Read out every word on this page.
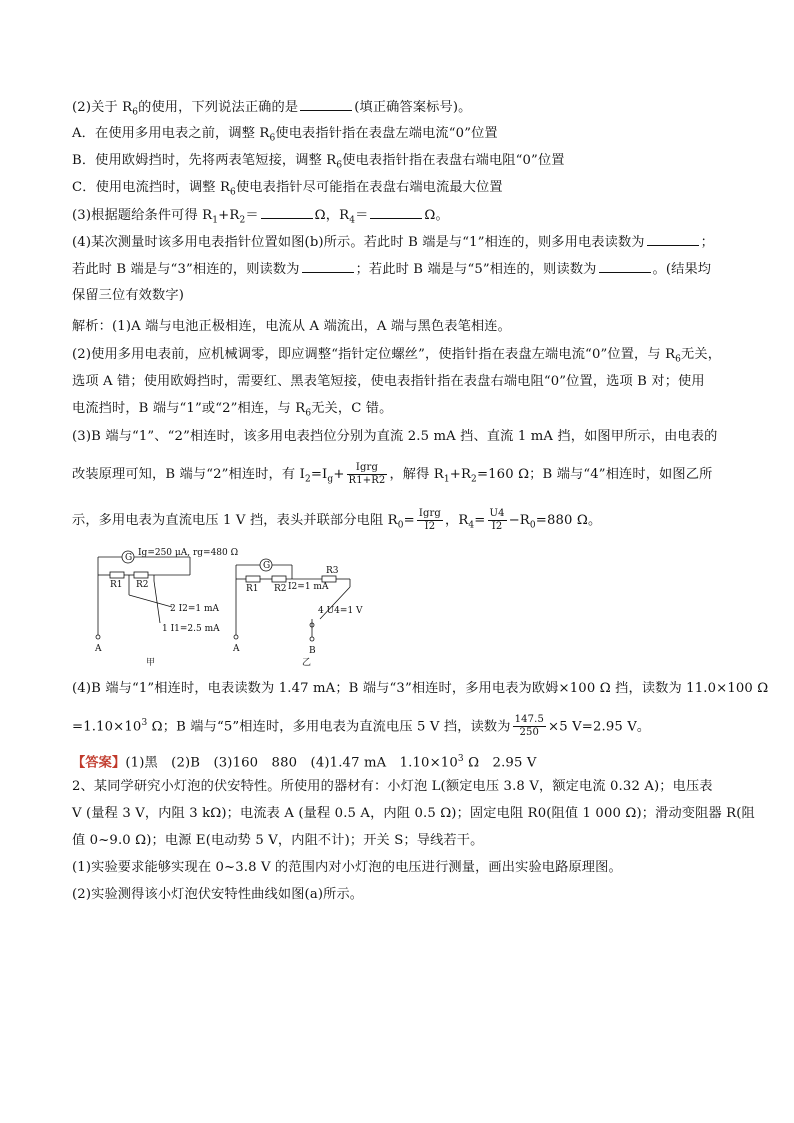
(2)关于 $R_6$的使用，下列说法正确的是	(填正确答案标号)。
A．在使用多用电表之前，调整 $R_6$使电表指针指在表盘左端电流“0”位置
B．使用欧姆挡时，先将两表笔短接，调整 $R_6$使电表指针指在表盘右端电阻“0”位置
C．使用电流挡时，调整 $R_6$使电表指针尽可能指在表盘右端电流最大位置
(3)根据题给条件可得 $R_1+R_2=$	Ω，$R_4=$	Ω。
(4)某次测量时该多用电表指针位置如图(b)所示。若此时 B 端是与“1”相连的，则多用电表读数为	；
若此时 B 端是与“3”相连的，则读数为	；若此时 B 端是与“5”相连的，则读数为	。(结果均
保留三位有效数字)
解析：(1)A 端与电池正极相连，电流从 A 端流出，A 端与黑色表笔相连。
(2)使用多用电表前，应机械调零，即应调整“指针定位螺丝”，使指针指在表盘左端电流“0”位置，与 $R_6$无关，
选项 A 错；使用欧姆挡时，需要红、黑表笔短接，使电表指针指在表盘右端电阻“0”位置，选项 B 对；使用
电流挡时，B 端与“1”或“2”相连，与 $R_6$无关，C 错。
(3)B 端与“1”、“2”相连时，该多用电表挡位分别为直流 2.5 mA 挡、直流 1 mA 挡，如图甲所示，由电表的
改装原理可知，B 端与“2”相连时，有 $I_2=I_g+ \frac{\text{Igrg}}{R1+R2}$ ，解得 $R_1+R_2=160$ Ω；B 端与“4”相连时，如图乙所
示，多用电表为直流电压 1 V 挡，表头并联部分电阻 $R_0= \frac{\text{Igrg}}{I2}$ ，$R_4= \frac{U4}{I2} -R_0=880$ Ω。
G Ig=250 μA, rg=480 Ω
R1 R2
2 I2=1 mA
1 I1=2.5 mA
A
甲
G	R3
R1 R2 I2=1 mA
4 U4=1 V
A	B
乙
(4)B 端与“1”相连时，电表读数为 1.47 mA；B 端与“3”相连时，多用电表为欧姆×100 Ω 挡，读数为 11.0×100 Ω
$=1.10\times 10^3$ Ω；B 端与“5”相连时，多用电表为直流电压 5 V 挡，读数为 $\frac{147.5}{250} \times 5$ V=2.95 V。
【答案】(1)黑　(2)B　(3)160　880　(4)1.47 mA　$1.10\times 10^3$ Ω　2.95 V
2、某同学研究小灯泡的伏安特性。所使用的器材有：小灯泡 L(额定电压 3.8 V，额定电流 0.32 A)；电压表
V (量程 3 V，内阻 3 kΩ)；电流表 A (量程 0.5 A，内阻 0.5 Ω)；固定电阻 R0(阻值 1 000 Ω)；滑动变阻器 R(阻
值 0~9.0 Ω)；电源 E(电动势 5 V，内阻不计)；开关 S；导线若干。
(1)实验要求能够实现在 0~3.8 V 的范围内对小灯泡的电压进行测量，画出实验电路原理图。
(2)实验测得该小灯泡伏安特性曲线如图(a)所示。
